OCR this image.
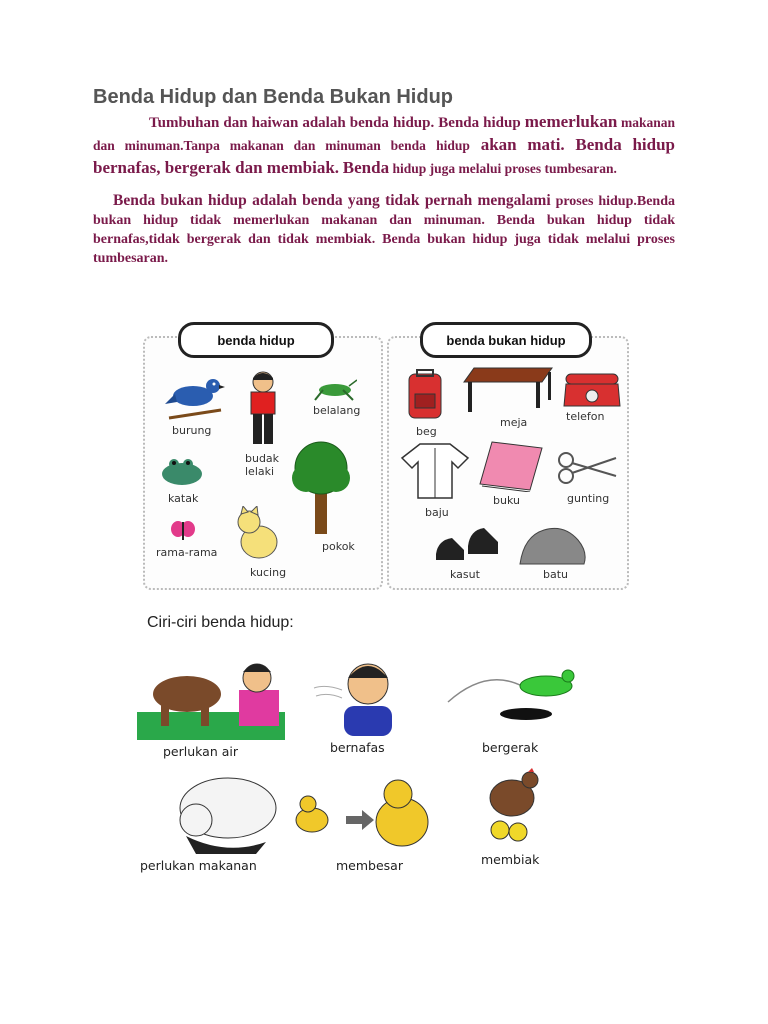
Benda Hidup dan Benda Bukan Hidup

Tumbuhan dan haiwan adalah benda hidup. Benda hidup memerlukan makanan dan minuman.Tanpa makanan dan minuman benda hidup akan mati. Benda hidup bernafas, bergerak dan membiak. Benda hidup juga melalui proses tumbesaran.

Benda bukan hidup adalah benda yang tidak pernah mengalami proses hidup.Benda bukan hidup tidak memerlukan makanan dan minuman. Benda bukan hidup tidak bernafas,tidak bergerak dan tidak membiak. Benda bukan hidup juga tidak melalui proses tumbesaran.

benda hidup	benda bukan hidup
burung
budak
lelaki
belalang
katak
pokok
rama-rama
kucing
beg
meja	telefon
baju
buku	gunting
kasut	batu

Ciri-ciri benda hidup:

perlukan air	bernafas	bergerak
perlukan makanan	membesar	membiak
